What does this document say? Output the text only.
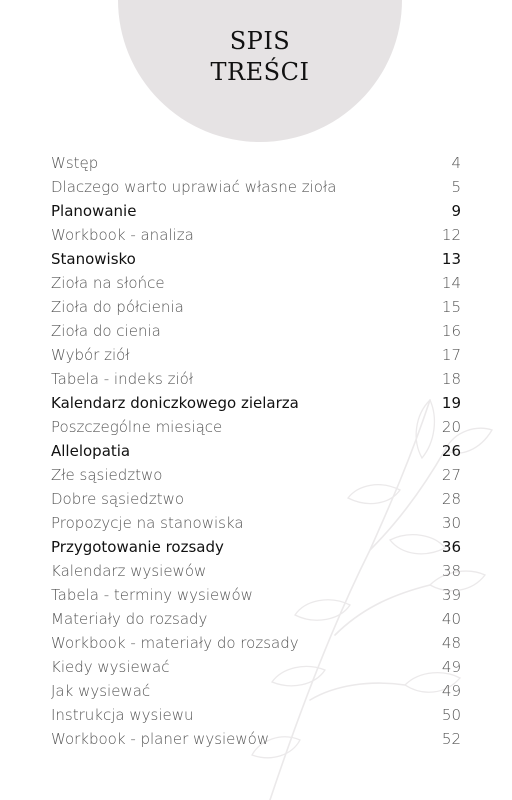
SPIS
TREŚCI
Wstęp	4
Dlaczego warto uprawiać własne zioła	5
Planowanie	9
Workbook - analiza	12
Stanowisko	13
Zioła na słońce	14
Zioła do półcienia	15
Zioła do cienia	16
Wybór ziół	17
Tabela - indeks ziół	18
Kalendarz doniczkowego zielarza	19
Poszczególne miesiące	20
Allelopatia	26
Złe sąsiedztwo	27
Dobre sąsiedztwo	28
Propozycje na stanowiska	30
Przygotowanie rozsady	36
Kalendarz wysiewów	38
Tabela - terminy wysiewów	39
Materiały do rozsady	40
Workbook - materiały do rozsady	48
Kiedy wysiewać	49
Jak wysiewać	49
Instrukcja wysiewu	50
Workbook - planer wysiewów	52
